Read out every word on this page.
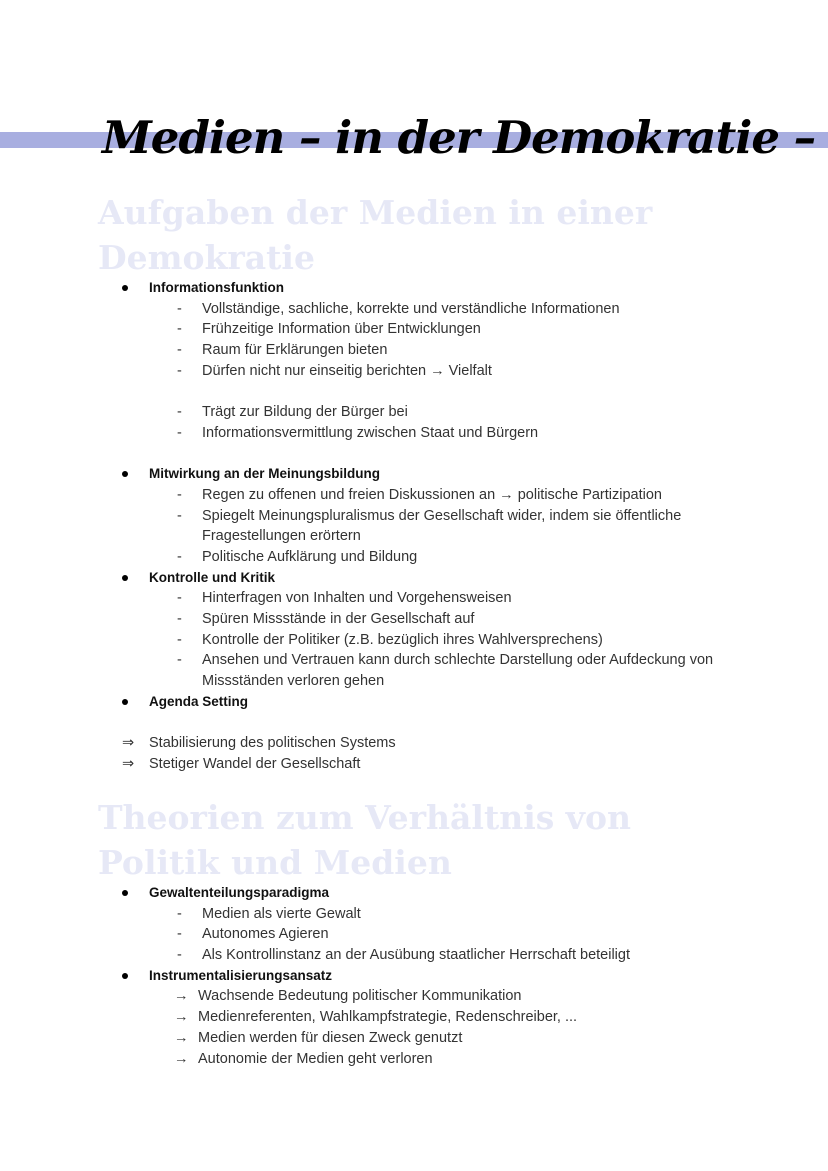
Medien – in der Demokratie –
Aufgaben der Medien in einer
Demokratie
Informationsfunktion
- Vollständige, sachliche, korrekte und verständliche Informationen
- Frühzeitige Information über Entwicklungen
- Raum für Erklärungen bieten
- Dürfen nicht nur einseitig berichten → Vielfalt
- Trägt zur Bildung der Bürger bei
- Informationsvermittlung zwischen Staat und Bürgern
Mitwirkung an der Meinungsbildung
- Regen zu offenen und freien Diskussionen an → politische Partizipation
- Spiegelt Meinungspluralismus der Gesellschaft wider, indem sie öffentliche
Fragestellungen erörtern
- Politische Aufklärung und Bildung
Kontrolle und Kritik
- Hinterfragen von Inhalten und Vorgehensweisen
- Spüren Missstände in der Gesellschaft auf
- Kontrolle der Politiker (z.B. bezüglich ihres Wahlversprechens)
- Ansehen und Vertrauen kann durch schlechte Darstellung oder Aufdeckung von
Missständen verloren gehen
Agenda Setting
⇒ Stabilisierung des politischen Systems
⇒ Stetiger Wandel der Gesellschaft
Theorien zum Verhältnis von
Politik und Medien
Gewaltenteilungsparadigma
- Medien als vierte Gewalt
- Autonomes Agieren
- Als Kontrollinstanz an der Ausübung staatlicher Herrschaft beteiligt
Instrumentalisierungsansatz
→ Wachsende Bedeutung politischer Kommunikation
→ Medienreferenten, Wahlkampfstrategie, Redenschreiber, ...
→ Medien werden für diesen Zweck genutzt
→ Autonomie der Medien geht verloren
